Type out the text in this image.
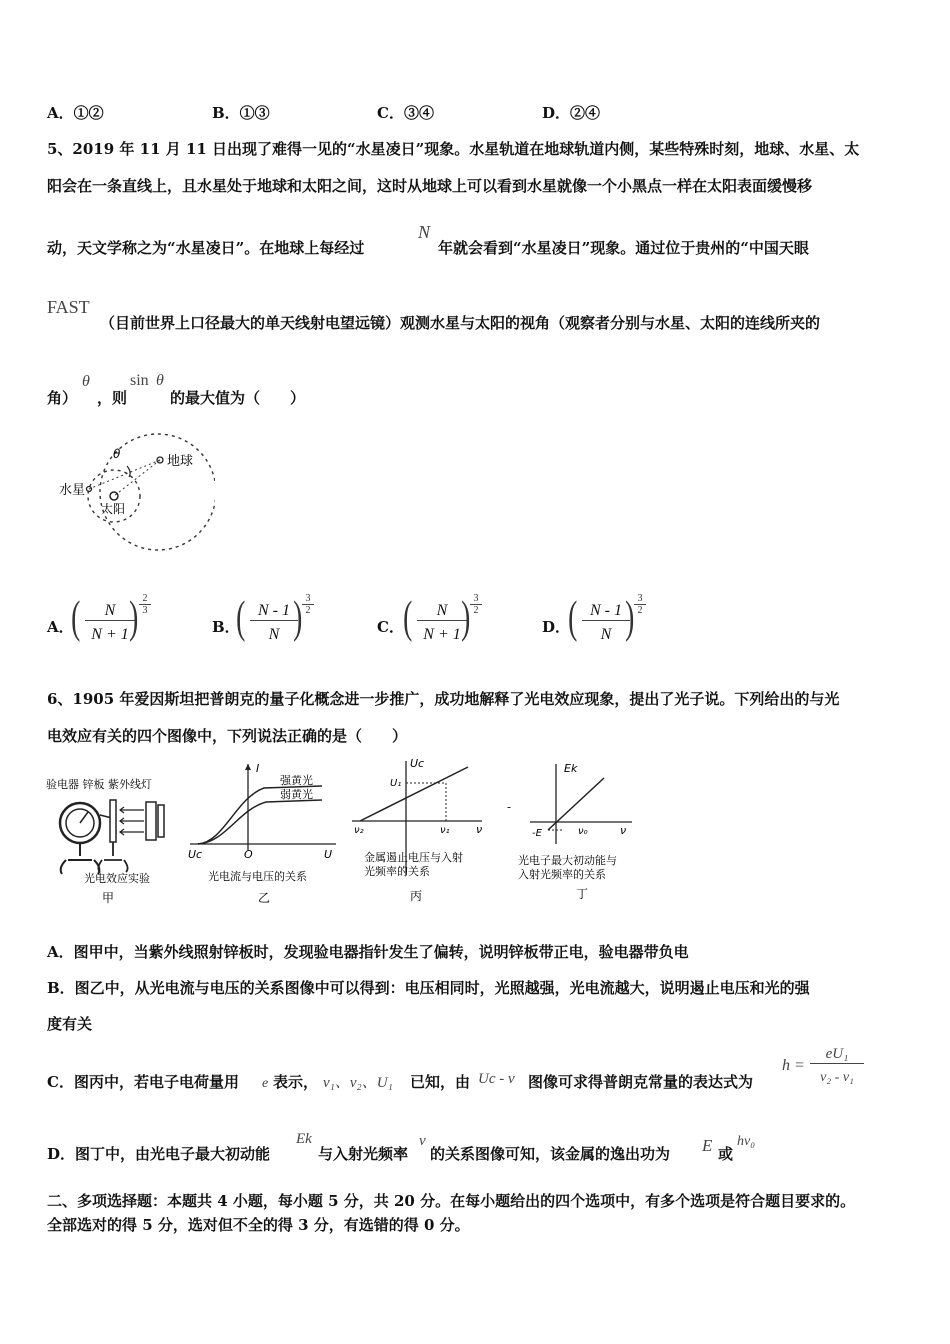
A．①②	B．①③	C．③④	D．②④
5、2019 年 11 月 11 日出现了难得一见的“水星凌日”现象。水星轨道在地球轨道内侧，某些特殊时刻，地球、水星、太
阳会在一条直线上，且水星处于地球和太阳之间，这时从地球上可以看到水星就像一个小黑点一样在太阳表面缓慢移
动，天文学称之为“水星凌日”。在地球上每经过
N
年就会看到“水星凌日”现象。通过位于贵州的“中国天眼
FAST
（目前世界上口径最大的单天线射电望远镜）观测水星与太阳的视角（观察者分别与水星、太阳的连线所夹的
角）
θ
，则
sin θ
的最大值为（　　）
θ	地球
水星
太阳
A．
(	N
N + 1 ) 2
3
B．
( N - 1
N ) 3
2
C． (	N
N + 1 ) 3
2
D．
( N - 1
N ) 3
2
6、1905 年爱因斯坦把普朗克的量子化概念进一步推广，成功地解释了光电效应现象，提出了光子说。下列给出的与光
电效应有关的四个图像中，下列说法正确的是（　　）
验电器 锌板 紫外线灯
光电效应实验
甲
I
强黄光
弱黄光
Uc	O	U
光电流与电压的关系
乙
Uc
U₁
ν₂	ν₁ ν
金属遏止电压与入射
光频率的关系
丙
-
Ek
-E	ν₀	ν
光电子最大初动能与
入射光频率的关系
丁
A．图甲中，当紫外线照射锌板时，发现验电器指针发生了偏转，说明锌板带正电，验电器带负电
B．图乙中，从光电流与电压的关系图像中可以得到：电压相同时，光照越强，光电流越大，说明遏止电压和光的强
度有关
C．图丙中，若电子电荷量用 e 表示， ν₁、ν₂、U₁ 已知，由 Uc - ν 图像可求得普朗克常量的表达式为
h =
eU₁
ν₂ - ν₁
D．图丁中，由光电子最大初动能
Ek
与入射光频率
ν
的关系图像可知，该金属的逸出功为 E 或
hν₀
二、多项选择题：本题共 4 小题，每小题 5 分，共 20 分。在每小题给出的四个选项中，有多个选项是符合题目要求的。
全部选对的得 5 分，选对但不全的得 3 分，有选错的得 0 分。
